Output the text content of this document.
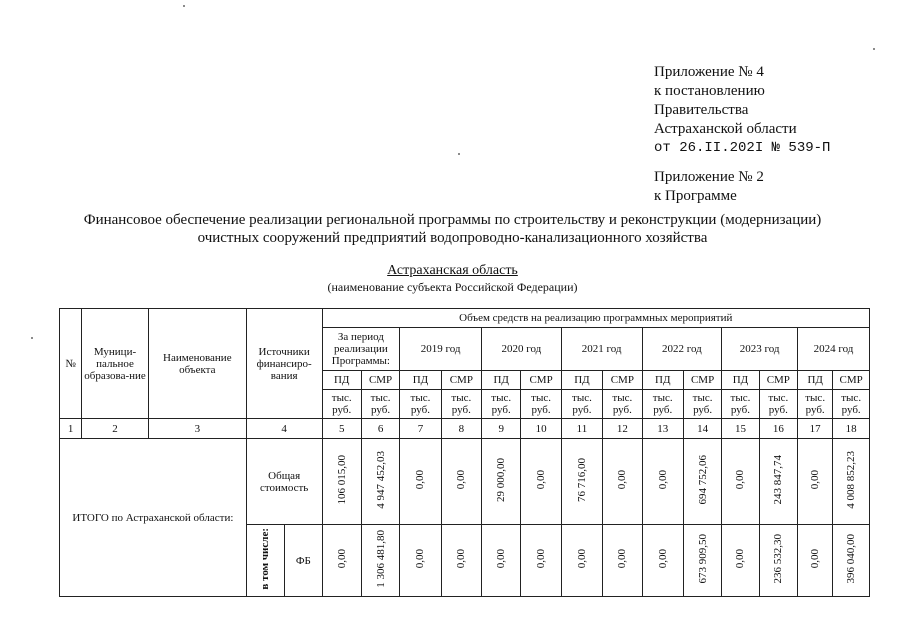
Приложение № 4
к постановлению
Правительства
Астраханской области
от 26.II.202I № 539-П
Приложение № 2
к Программе
Финансовое обеспечение реализации региональной программы по строительству и реконструкции (модернизации)
очистных сооружений предприятий водопроводно-канализационного хозяйства
Астраханская область
(наименование субъекта Российской Федерации)
№	Муници-пальное образова-ние	Наименование объекта	Источники финансиро-вания		Объем средств на реализацию программных мероприятий													
					За период реализации Программы:		2019 год		2020 год		2021 год		2022 год		2023 год		2024 год	
					ПД	СМР	ПД	СМР	ПД	СМР	ПД	СМР	ПД	СМР	ПД	СМР	ПД	СМР
					тыс. руб.	тыс. руб.	тыс. руб.	тыс. руб.	тыс. руб.	тыс. руб.	тыс. руб.	тыс. руб.	тыс. руб.	тыс. руб.	тыс. руб.	тыс. руб.	тыс. руб.	тыс. руб.
1	2	3	4		5	6	7	8	9	10	11	12	13	14	15	16	17	18
ИТОГО по Астраханской области:			Общая стоимость		106 015,00	4 947 452,03	0,00	0,00	29 000,00	0,00	76 716,00	0,00	0,00	694 752,06	0,00	243 847,74	0,00	4 008 852,23
			в том числе:	ФБ	0,00	1 306 481,80	0,00	0,00	0,00	0,00	0,00	0,00	0,00	673 909,50	0,00	236 532,30	0,00	396 040,00
